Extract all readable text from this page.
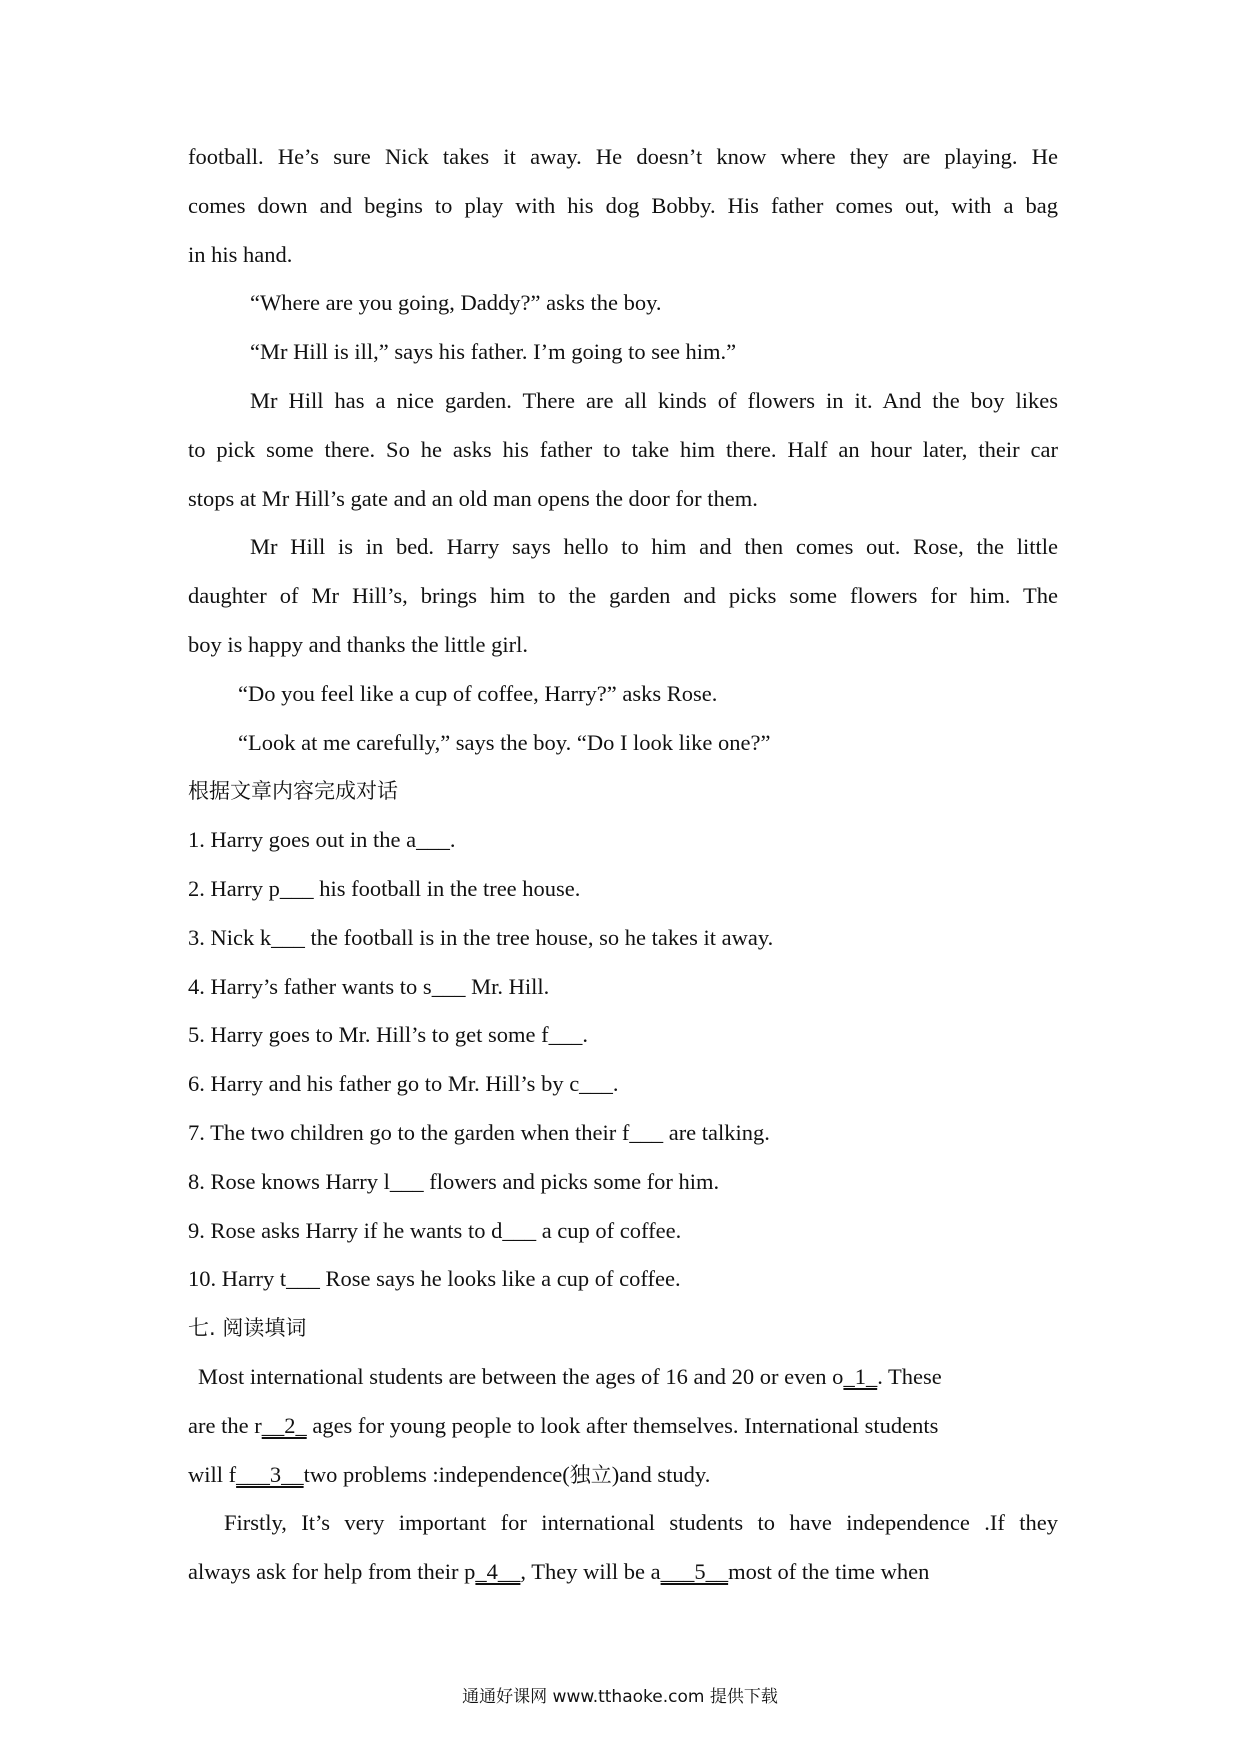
football. He’s sure Nick takes it away. He doesn’t know where they are playing. He
comes down and begins to play with his dog Bobby. His father comes out, with a bag
in his hand.
“Where are you going, Daddy?” asks the boy.
“Mr Hill is ill,” says his father. I’m going to see him.”
Mr Hill has a nice garden. There are all kinds of flowers in it. And the boy likes
to pick some there. So he asks his father to take him there. Half an hour later, their car
stops at Mr Hill’s gate and an old man opens the door for them.
Mr Hill is in bed. Harry says hello to him and then comes out. Rose, the little
daughter of Mr Hill’s, brings him to the garden and picks some flowers for him. The
boy is happy and thanks the little girl.
“Do you feel like a cup of coffee, Harry?” asks Rose.
“Look at me carefully,” says the boy. “Do I look like one?”
根据文章内容完成对话
1. Harry goes out in the a___.
2. Harry p___ his football in the tree house.
3. Nick k___ the football is in the tree house, so he takes it away.
4. Harry’s father wants to s___ Mr. Hill.
5. Harry goes to Mr. Hill’s to get some f___.
6. Harry and his father go to Mr. Hill’s by c___.
7. The two children go to the garden when their f___ are talking.
8. Rose knows Harry l___ flowers and picks some for him.
9. Rose asks Harry if he wants to d___ a cup of coffee.
10. Harry t___ Rose says he looks like a cup of coffee.
七. 阅读填词
Most international students are between the ages of 16 and 20 or even o_1_. These
are the r__2_ ages for young people to look after themselves. International students
will f___3__two problems :independence(独立)and study.
Firstly, It’s very important for international students to have independence .If they
always ask for help from their p_4__, They will be a___5__most of the time when
通通好课网 www.tthaoke.com 提供下载
